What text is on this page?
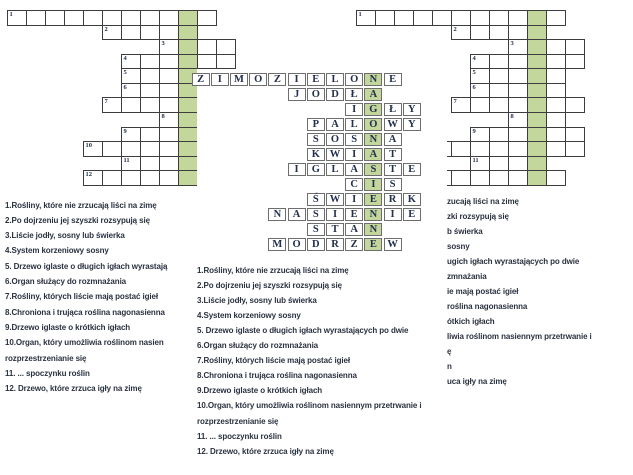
1
2
3
4
5
6
7
8
9
10
11
12
1
2
3
4
5
6
7
8
9
11
1.Rośliny, które nie zrzucają liści na zimę
2.Po dojrzeniu jej szyszki rozsypują się
3.Liście jodły, sosny lub świerka
4.System korzeniowy sosny
5. Drzewo iglaste o długich igłach wyrastają
6.Organ służący do rozmnażania
7.Rośliny, których liście mają postać igieł
8.Chroniona i trująca roślina nagonasienna
9.Drzewo iglaste o krótkich igłach
10.Organ, który umożliwia roślinom nasien
rozprzestrzenianie się
11. ... spoczynku roślin
12. Drzewo, które zrzuca igły na zimę
zucają liści na zimę
zki rozsypują się
b świerka
sosny
ugich igłach wyrastających po dwie
zmnażania
ie mają postać igieł
roślina nagonasienna
ótkich igłach
liwia roślinom nasiennym przetrwanie i
ę
n
uca igły na zimę
Z	I	M O	Z	I	E	L	O	N	E
J	O	D	Ł	A
I	G	Ł	Y
P	A	L	O W Y
S	O	S	N	A
K W	I	A	T
I	G	L	A	S	T	E
C	I	S
Ś	W	I	E	R	K
N	A	S	I	E	N	I	E
S	T	A	N
M O	D	R	Z	E W
1.Rośliny, które nie zrzucają liści na zimę
2.Po dojrzeniu jej szyszki rozsypują się
3.Liście jodły, sosny lub świerka
4.System korzeniowy sosny
5. Drzewo iglaste o długich igłach wyrastających po dwie
6.Organ służący do rozmnażania
7.Rośliny, których liście mają postać igieł
8.Chroniona i trująca roślina nagonasienna
9.Drzewo iglaste o krótkich igłach
10.Organ, który umożliwia roślinom nasiennym przetrwanie i
rozprzestrzenianie się
11. ... spoczynku roślin
12. Drzewo, które zrzuca igły na zimę
